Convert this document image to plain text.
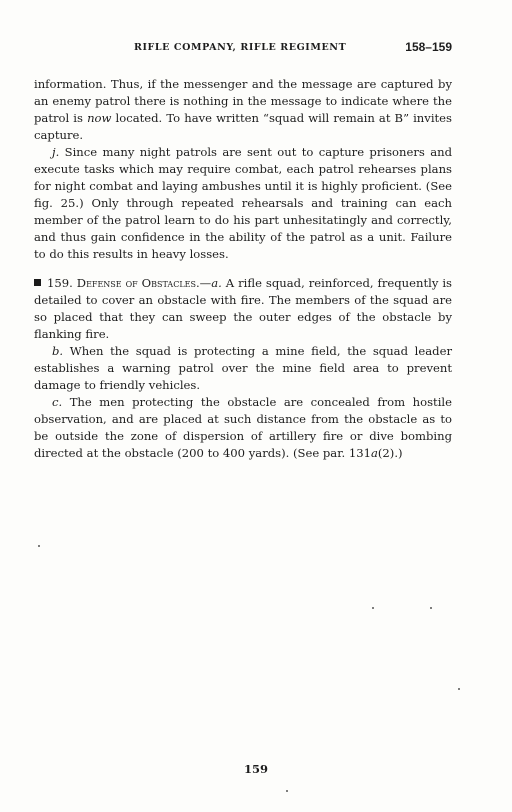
RIFLE COMPANY, RIFLE REGIMENT	158–159

information. Thus, if the messenger and the message are captured by an enemy patrol there is nothing in the message to indicate where the patrol is now located. To have written “squad will remain at B” invites capture.

j. Since many night patrols are sent out to capture prisoners and execute tasks which may require combat, each patrol rehearses plans for night combat and laying ambushes until it is highly proficient. (See fig. 25.) Only through repeated rehearsals and training can each member of the patrol learn to do his part unhesitatingly and correctly, and thus gain confidence in the ability of the patrol as a unit. Failure to do this results in heavy losses.

159. Defense of Obstacles.—a. A rifle squad, reinforced, frequently is detailed to cover an obstacle with fire. The members of the squad are so placed that they can sweep the outer edges of the obstacle by flanking fire.

b. When the squad is protecting a mine field, the squad leader establishes a warning patrol over the mine field area to prevent damage to friendly vehicles.

c. The men protecting the obstacle are concealed from hostile observation, and are placed at such distance from the obstacle as to be outside the zone of dispersion of artillery fire or dive bombing directed at the obstacle (200 to 400 yards). (See par. 131a(2).)

159
